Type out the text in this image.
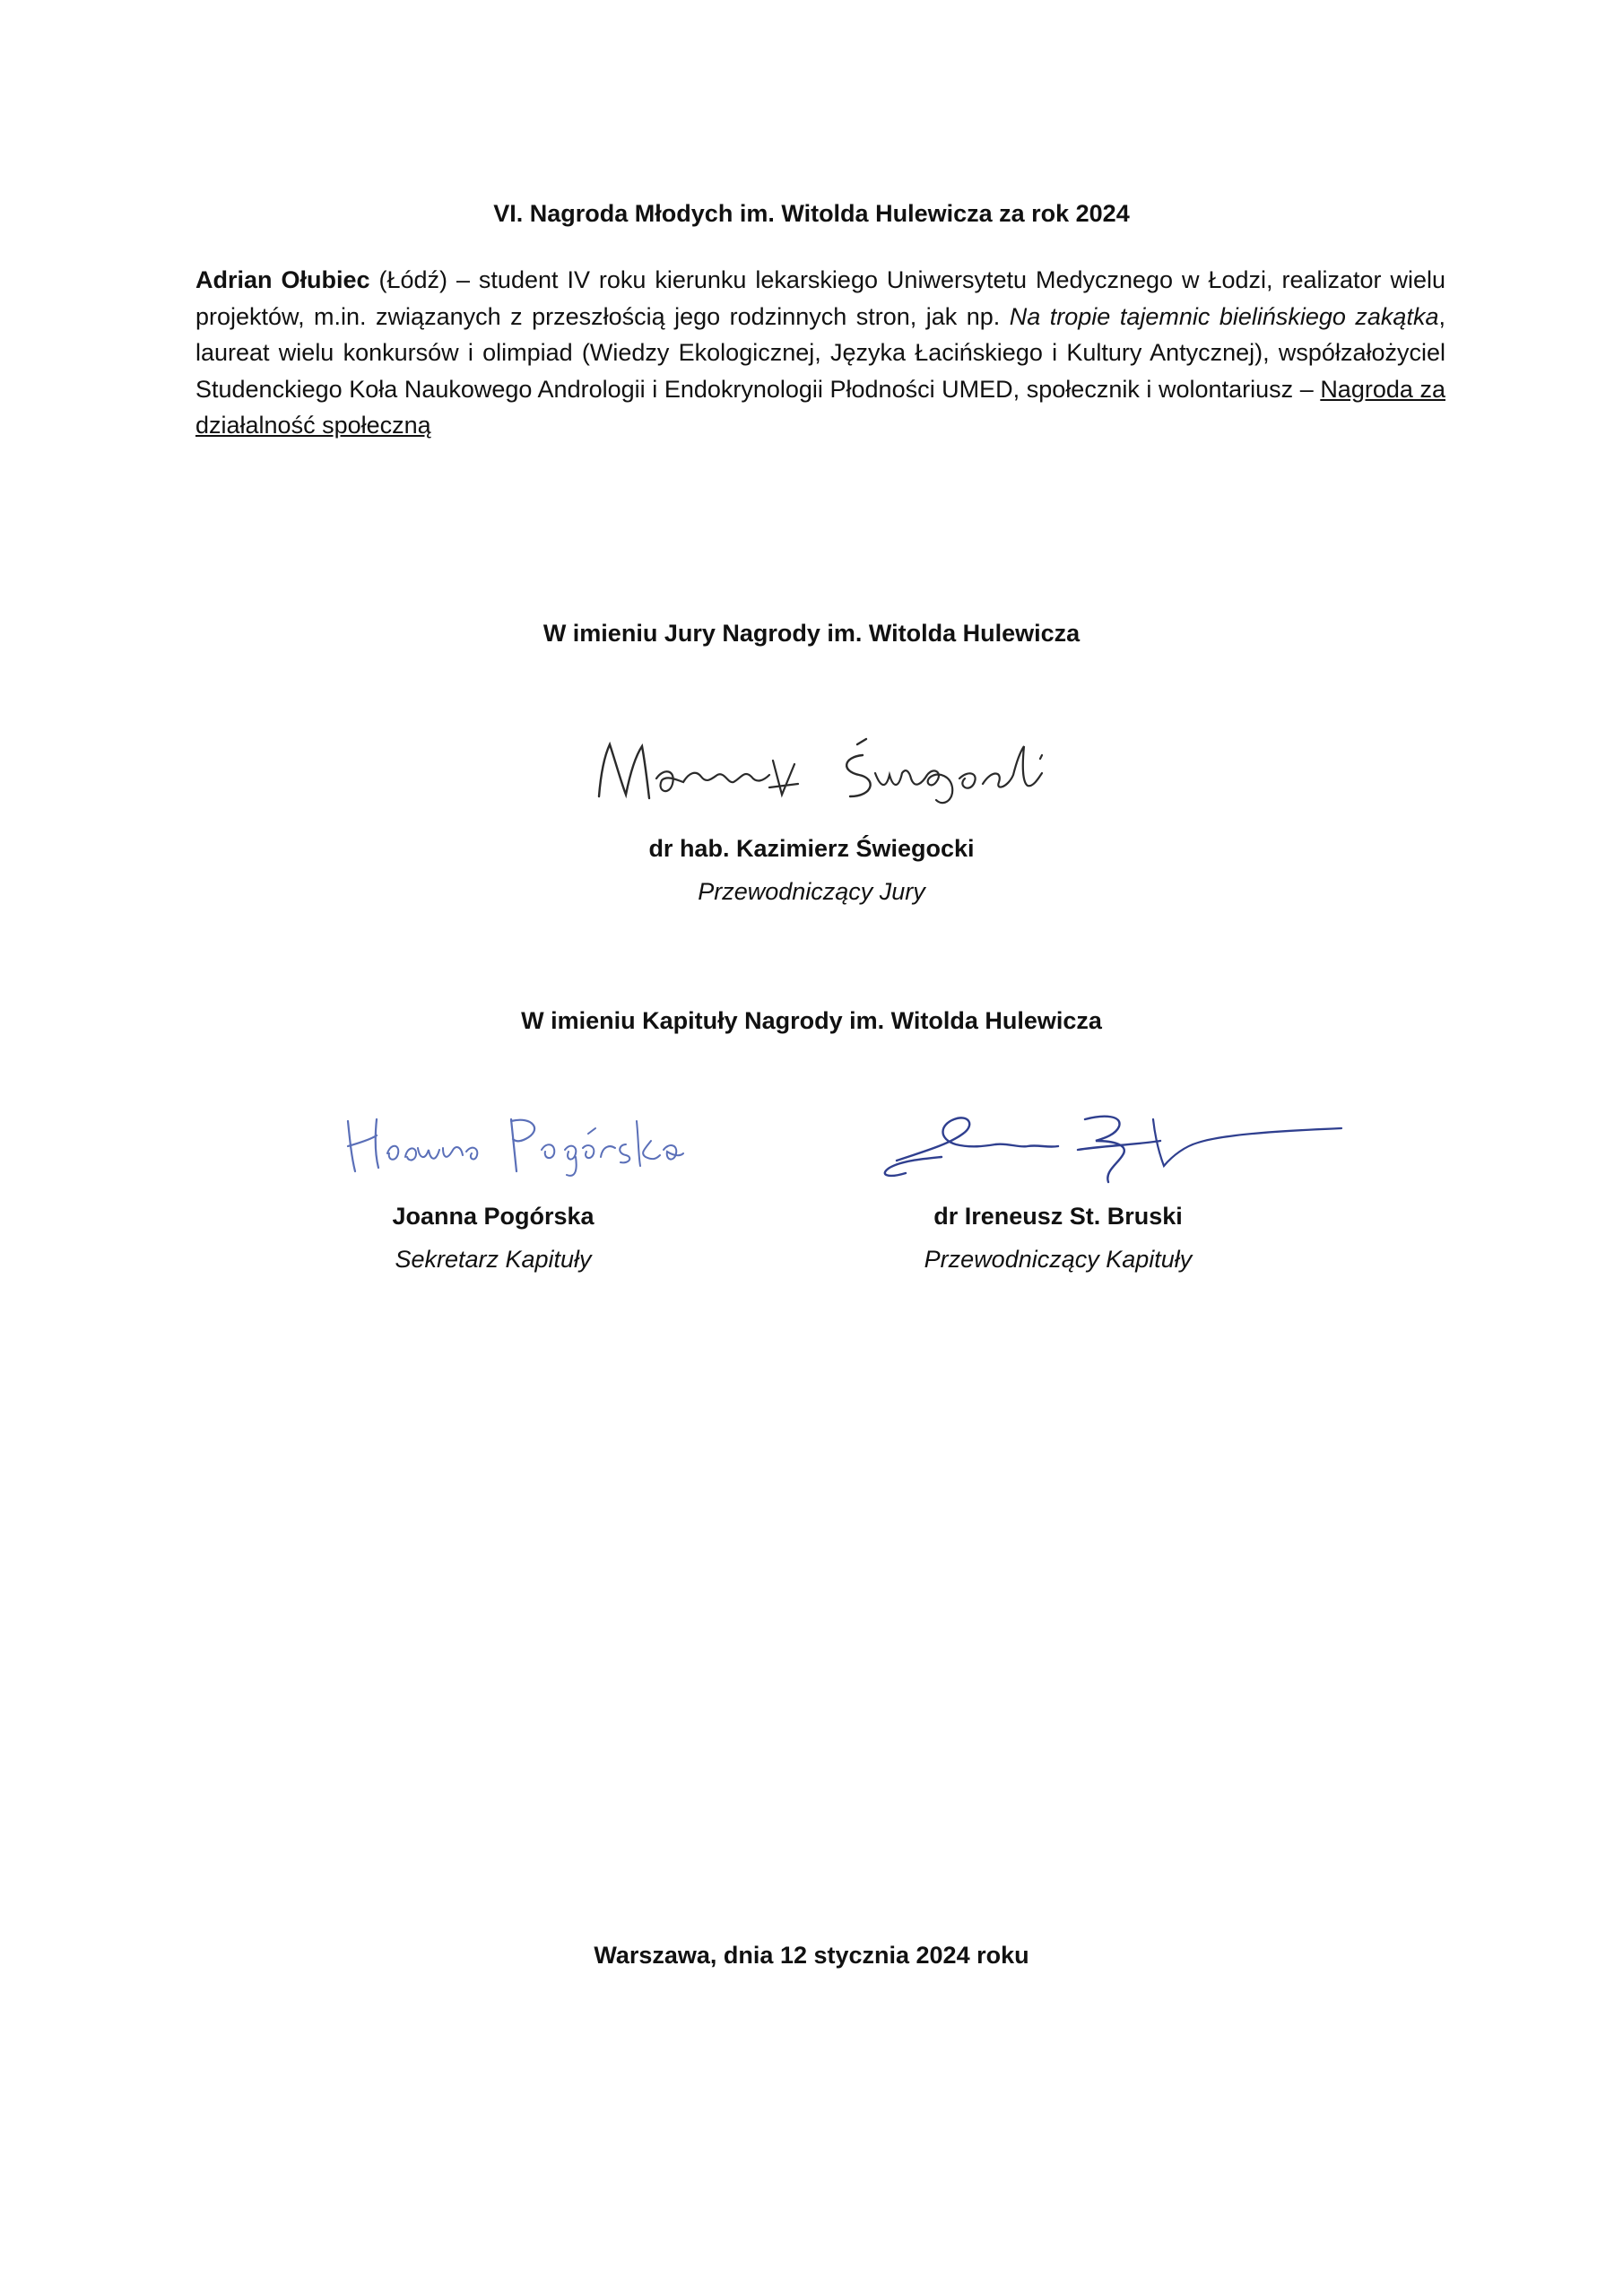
VI. Nagroda Młodych im. Witolda Hulewicza za rok 2024

Adrian Ołubiec (Łódź) – student IV roku kierunku lekarskiego Uniwersytetu Medycznego w Łodzi, realizator wielu projektów, m.in. związanych z przeszłością jego rodzinnych stron, jak np. Na tropie tajemnic bielińskiego zakątka, laureat wielu konkursów i olimpiad (Wiedzy Ekologicznej, Języka Łacińskiego i Kultury Antycznej), współzałożyciel Studenckiego Koła Naukowego Andrologii i Endokrynologii Płodności UMED, społecznik i wolontariusz – Nagroda za działalność społeczną

W imieniu Jury Nagrody im. Witolda Hulewicza
dr hab. Kazimierz Świegocki
Przewodniczący Jury
W imieniu Kapituły Nagrody im. Witolda Hulewicza
Joanna Pogórska
Sekretarz Kapituły
dr Ireneusz St. Bruski
Przewodniczący Kapituły
Warszawa, dnia 12 stycznia 2024 roku
